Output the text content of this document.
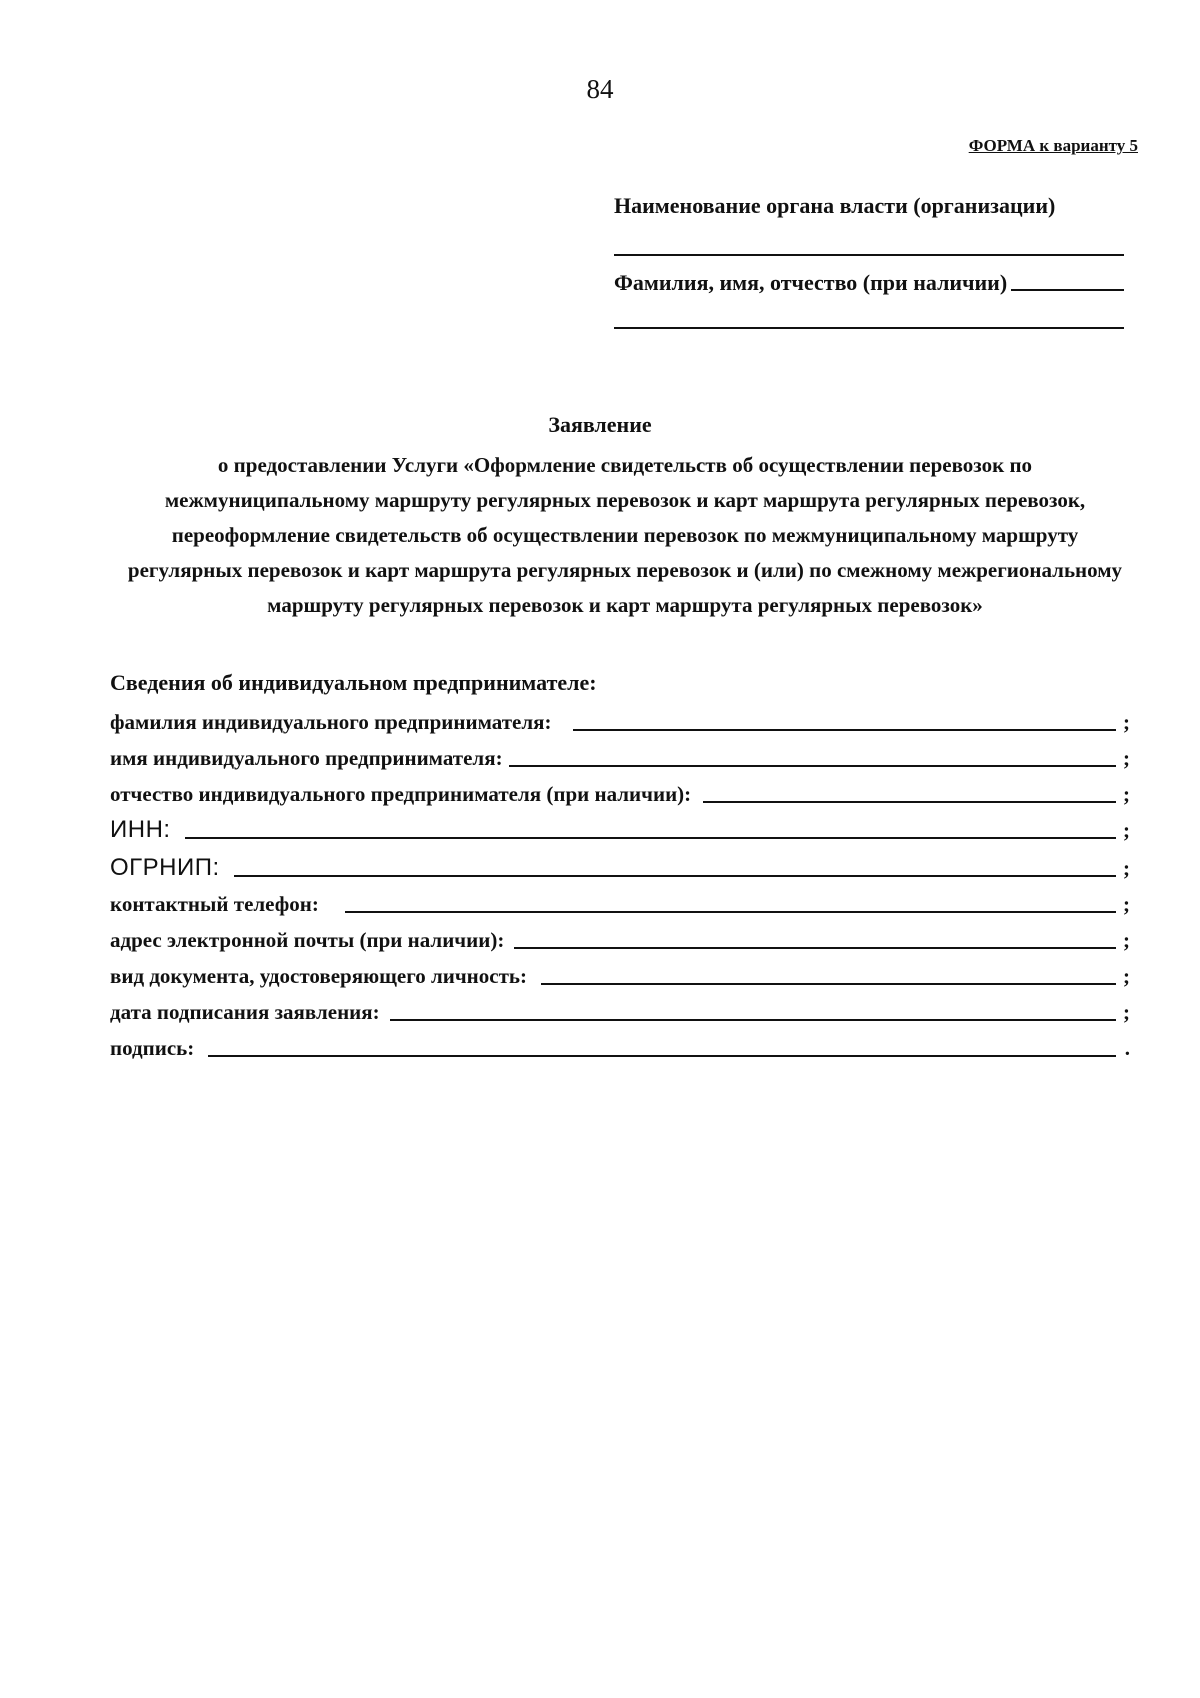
84
ФОРМА к варианту 5
Наименование органа власти (организации)
Фамилия, имя, отчество (при наличии)
Заявление
о предоставлении Услуги «Оформление свидетельств об осуществлении перевозок по межмуниципальному маршруту регулярных перевозок и карт маршрута регулярных перевозок, переоформление свидетельств об осуществлении перевозок по межмуниципальному маршруту регулярных перевозок и карт маршрута регулярных перевозок и (или) по смежному межрегиональному маршруту регулярных перевозок и карт маршрута регулярных перевозок»
Сведения об индивидуальном предпринимателе:
фамилия индивидуального предпринимателя:	;
имя индивидуального предпринимателя:	;
отчество индивидуального предпринимателя (при наличии):	;
ИНН:	;
ОГРНИП:	;
контактный телефон:	;
адрес электронной почты (при наличии):	;
вид документа, удостоверяющего личность:	;
дата подписания заявления:	;
подпись:	.
